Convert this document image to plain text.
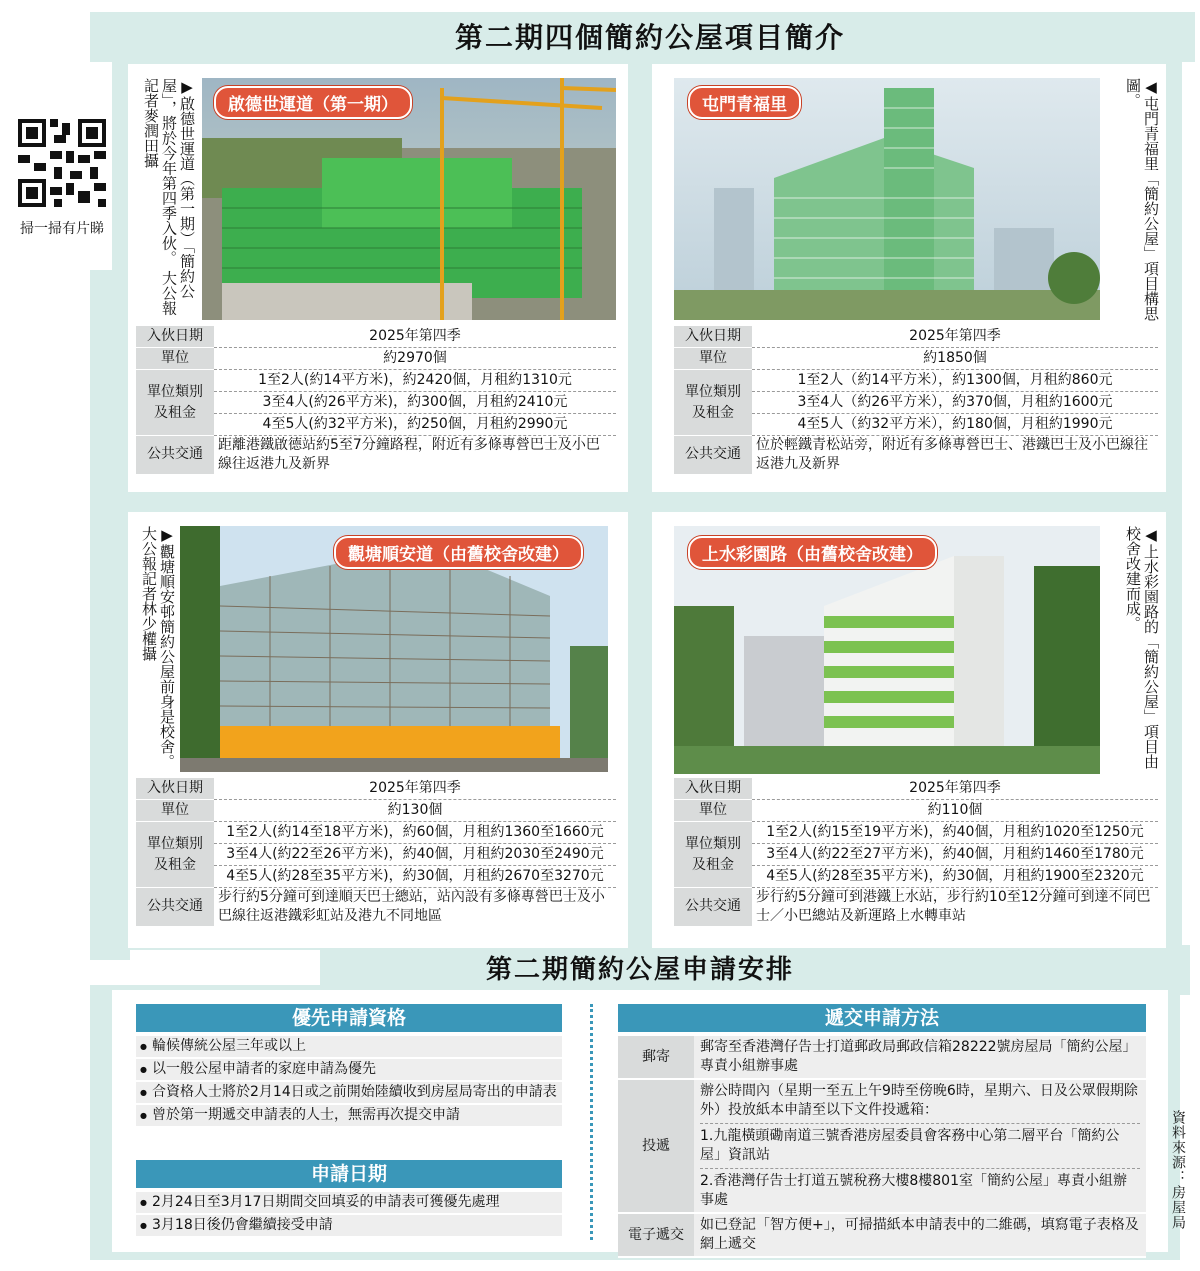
第二期四個簡約公屋項目簡介
掃一掃有片睇
啟德世運道（第一期）
▶啟德世運道（第一期）「簡約公屋」，將於今年第四季入伙。 大公報記者麥潤田攝
入伙日期	2025年第四季
單位	約2970個
單位類別
及租金	1至2人(約14平方米)，約2420個，月租約1310元
	3至4人(約26平方米)，約300個，月租約2410元
	4至5人(約32平方米)，約250個，月租約2990元
公共交通	距離港鐵啟德站約5至7分鐘路程，附近有多條專營巴士及小巴線往返港九及新界
屯門青福里	◀屯門青福里「簡約公屋」項目構思圖。
入伙日期	2025年第四季
單位	約1850個
單位類別
及租金	1至2人（約14平方米），約1300個，月租約860元
	3至4人（約26平方米），約370個，月租約1600元
	4至5人（約32平方米），約180個，月租約1990元
公共交通	位於輕鐵青松站旁，附近有多條專營巴士、港鐵巴士及小巴線往返港九及新界
觀塘順安道（由舊校舍改建）
▶觀塘順安邨簡約公屋前身是校舍。 大公報記者林少權攝
入伙日期	2025年第四季
單位	約130個
單位類別
及租金	1至2人(約14至18平方米)，約60個，月租約1360至1660元
	3至4人(約22至26平方米)，約40個，月租約2030至2490元
	4至5人(約28至35平方米)，約30個，月租約2670至3270元
公共交通	步行約5分鐘可到達順天巴士總站，站內設有多條專營巴士及小巴線往返港鐵彩虹站及港九不同地區
上水彩園路（由舊校舍改建）	◀上水彩園路的「簡約公屋」項目由校舍改建而成。
入伙日期	2025年第四季
單位	約110個
單位類別
及租金	1至2人(約15至19平方米)，約40個，月租約1020至1250元
	3至4人(約22至27平方米)，約40個，月租約1460至1780元
	4至5人(約28至35平方米)，約30個，月租約1900至2320元
公共交通	步行約5分鐘可到港鐵上水站，步行約10至12分鐘可到達不同巴士／小巴總站及新運路上水轉車站
第二期簡約公屋申請安排
優先申請資格
● 輪候傳統公屋三年或以上
● 以一般公屋申請者的家庭申請為優先
● 合資格人士將於2月14日或之前開始陸續收到房屋局寄出的申請表
● 曾於第一期遞交申請表的人士，無需再次提交申請
申請日期
● 2月24日至3月17日期間交回填妥的申請表可獲優先處理
● 3月18日後仍會繼續接受申請
遞交申請方法
郵寄	郵寄至香港灣仔告士打道郵政局郵政信箱28222號房屋局「簡約公屋」專責小組辦事處
投遞	辦公時間內（星期一至五上午9時至傍晚6時，星期六、日及公眾假期除外）投放紙本申請至以下文件投遞箱：
1.九龍橫頭磡南道三號香港房屋委員會客務中心第二層平台「簡約公屋」資訊站
2.香港灣仔告士打道五號稅務大樓8樓801室「簡約公屋」專責小組辦事處

電子遞交	如已登記「智方便+」，可掃描紙本申請表中的二維碼，填寫電子表格及網上遞交
資料來源：房屋局
